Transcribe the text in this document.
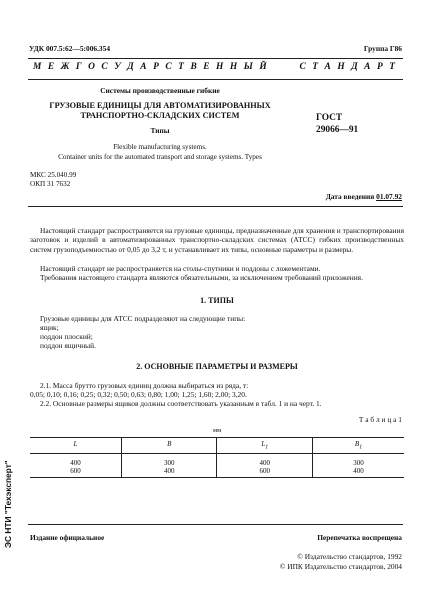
УДК 007.5:62—5:006.354	Группа Г86
М Е Ж Г О С У Д А Р С Т В Е Н Н Ы Й     С Т А Н Д А Р Т
Системы производственные гибкие
ГРУЗОВЫЕ ЕДИНИЦЫ ДЛЯ АВТОМАТИЗИРОВАННЫХ
ТРАНСПОРТНО-СКЛАДСКИХ СИСТЕМ
Типы
ГОСТ
29066—91
Flexible manufacturing systems.
Container units for the automated transport and storage systems. Types
МКС 25.040.99
ОКП 31 7632
Дата введения 01.07.92
Настоящий стандарт распространяется на грузовые единицы, предназначенные для хранения и транспортирования заготовок и изделий в автоматизированных транспортно-складских системах (АТСС) гибких производственных систем грузоподъемностью от 0,05 до 3,2 т, и устанавливает их типы, основные параметры и размеры.
Настоящий стандарт не распространяется на столы-спутники и поддоны с ложементами.
Требования настоящего стандарта являются обязательными, за исключением требований приложения.
1. ТИПЫ
Грузовые единицы для АТСС подразделяют на следующие типы:
ящик;
поддон плоский;
поддон ящичный.
2. ОСНОВНЫЕ ПАРАМЕТРЫ И РАЗМЕРЫ
2.1. Масса брутто грузовых единиц должна выбираться из ряда, т:
0,05; 0,10; 0,16; 0,25; 0,32; 0,50; 0,63; 0,80; 1,00; 1,25; 1,60; 2,00; 3,20.
2.2. Основные размеры ящиков должны соответствовать указанным в табл. 1 и на черт. 1.
Т а б л и ц а 1
мм
L	B	$L_1$	$B_1$
400	300	400	300
600	400	600	400
Издание официальное	Перепечатка воспрещена
© Издательство стандартов, 1992
© ИПК Издательство стандартов, 2004
ЭС НТИ "Техэксперт"
